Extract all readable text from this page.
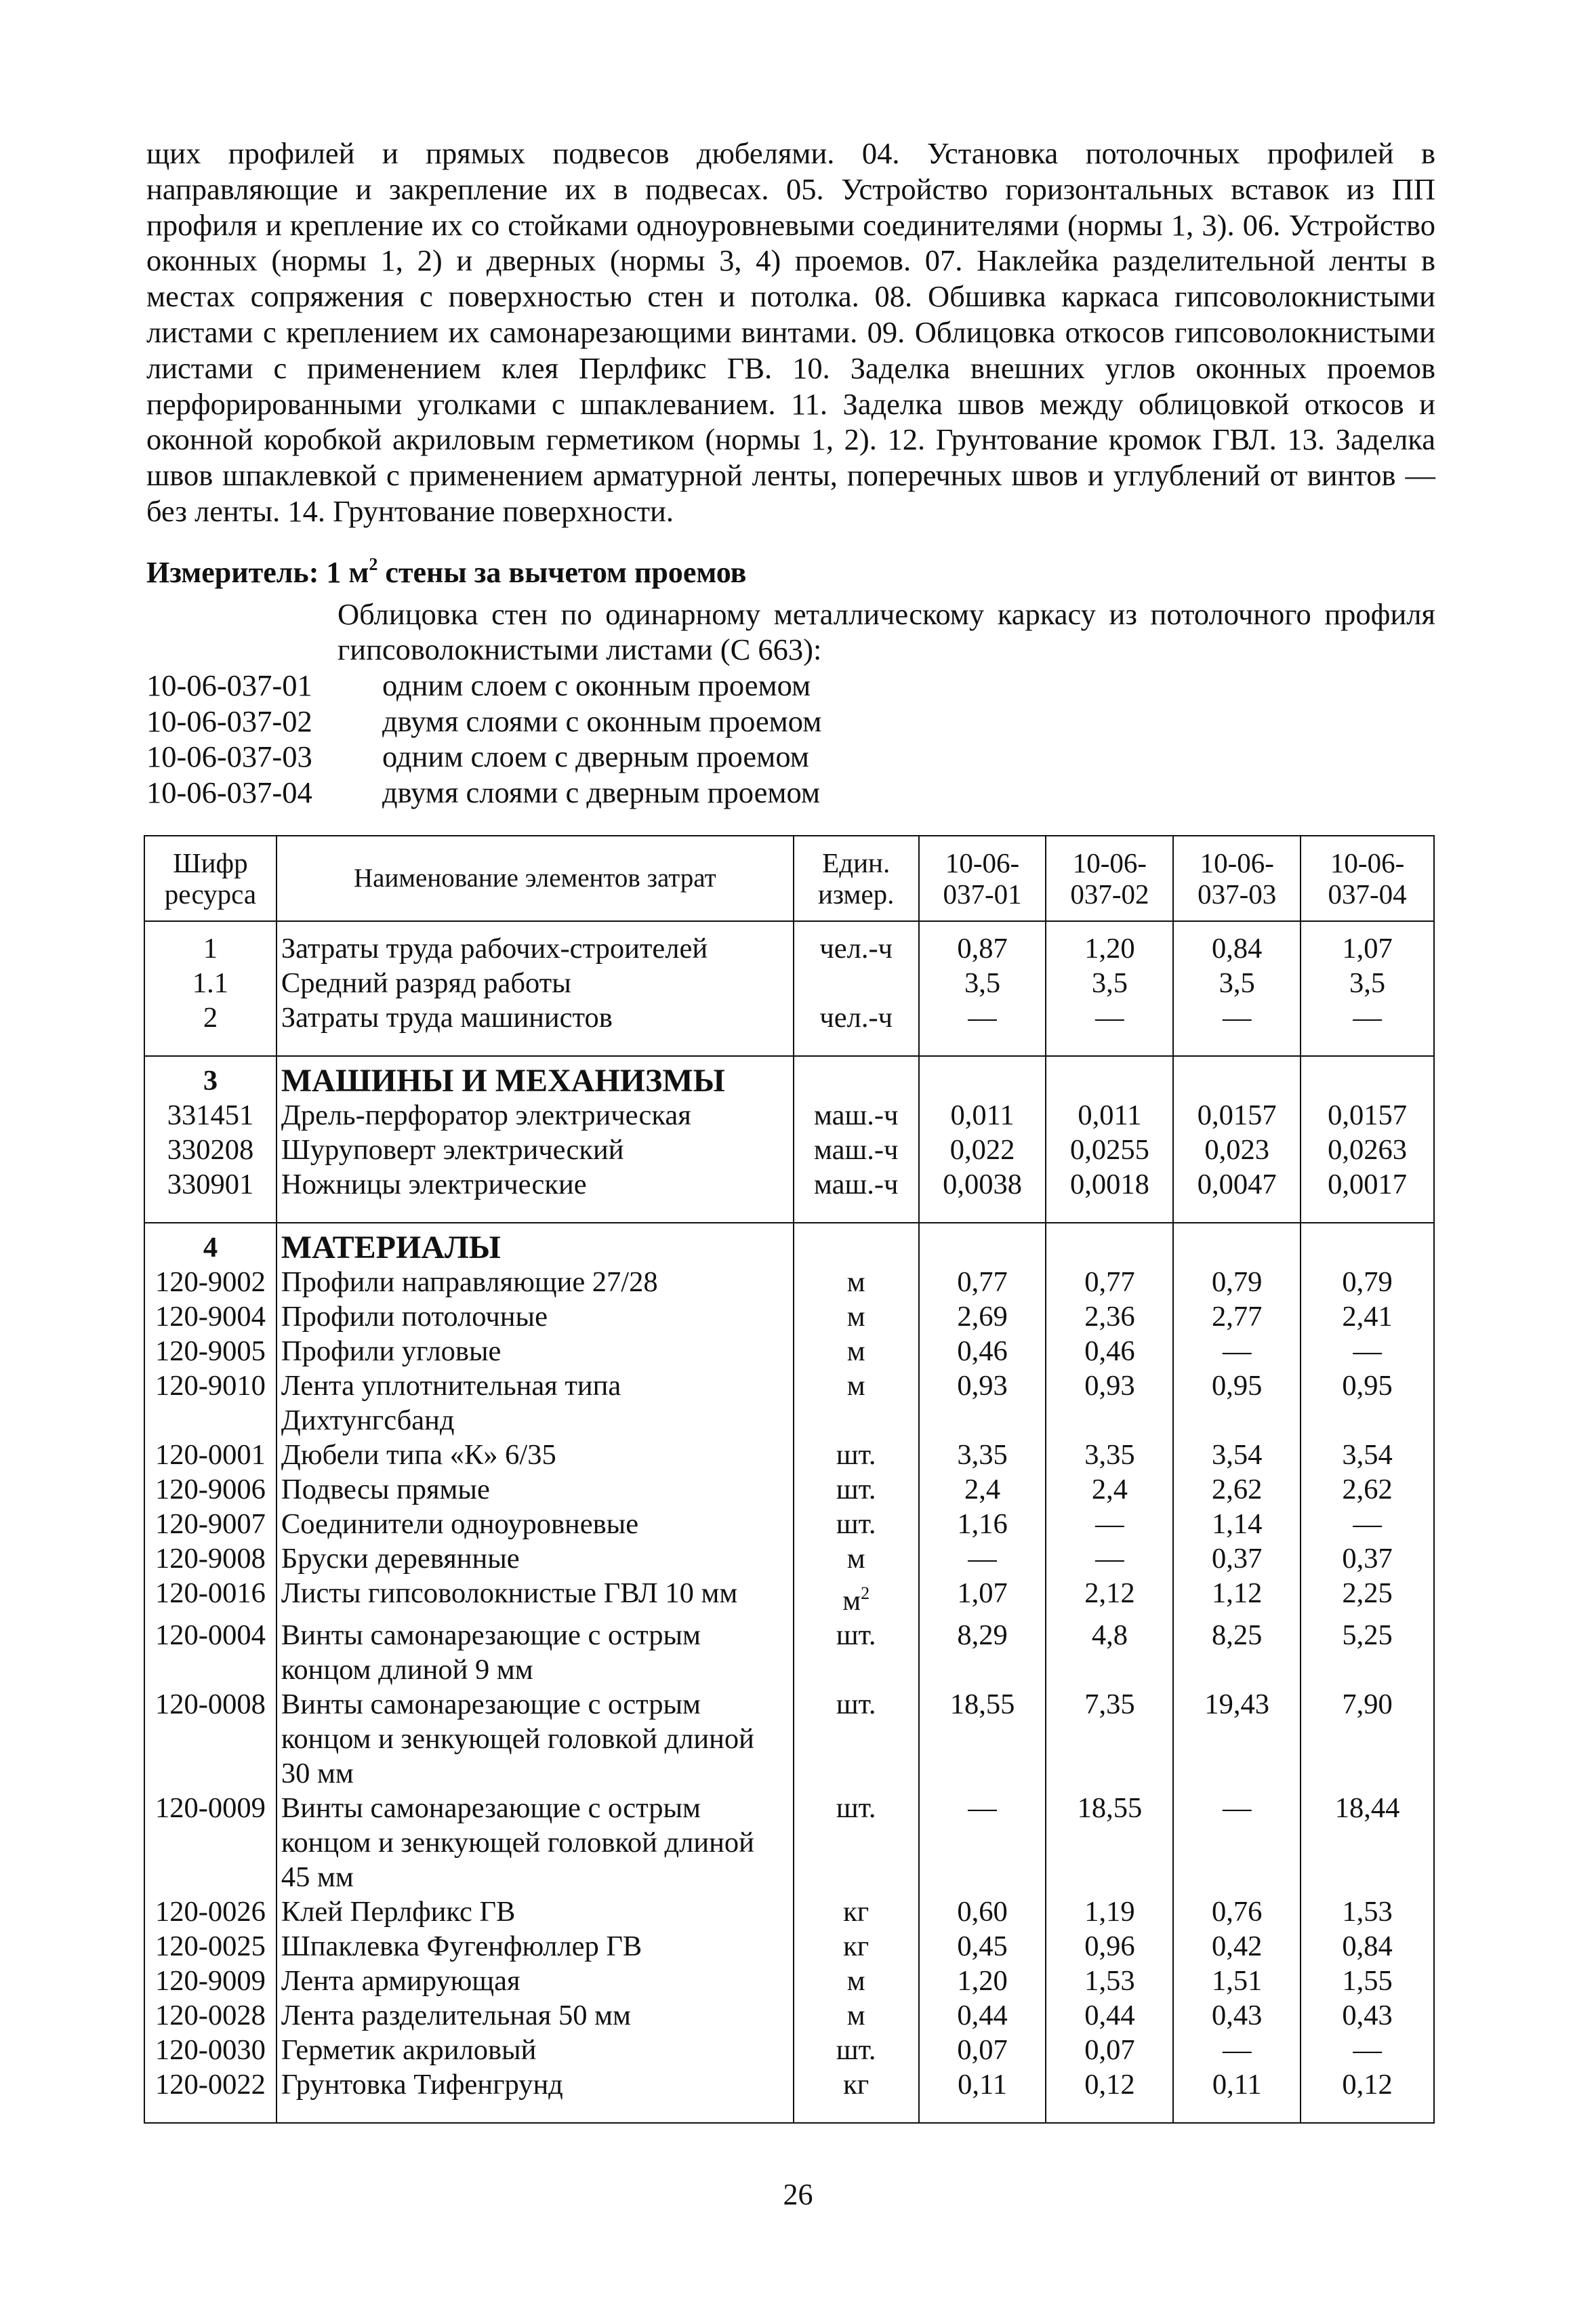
щих профилей и прямых подвесов дюбелями. 04. Установка потолочных профилей в направляющие и закрепление их в подвесах. 05. Устройство горизонтальных вставок из ПП профиля и крепление их со стойками одноуровневыми соединителями (нормы 1, 3). 06. Устройство оконных (нормы 1, 2) и дверных (нормы 3, 4) проемов. 07. Наклейка разделительной ленты в местах сопряжения с поверхностью стен и потолка. 08. Обшивка каркаса гипсоволокнистыми листами с креплением их самонарезающими винтами. 09. Облицовка откосов гипсоволокнистыми листами с применением клея Перлфикс ГВ. 10. Заделка внешних углов оконных проемов перфорированными уголками с шпаклеванием. 11. Заделка швов между облицовкой откосов и оконной коробкой акриловым герметиком (нормы 1, 2). 12. Грунтование кромок ГВЛ. 13. Заделка швов шпаклевкой с применением арматурной ленты, поперечных швов и углублений от винтов — без ленты. 14. Грунтование поверхности.
Измеритель: 1 $м^2$ стены за вычетом проемов
Облицовка стен по одинарному металлическому каркасу из потолочного профиля гипсоволокнистыми листами (С 663):
10-06-037-01	одним слоем с оконным проемом
10-06-037-02	двумя слоями с оконным проемом
10-06-037-03	одним слоем с дверным проемом
10-06-037-04	двумя слоями с дверным проемом
Шифр ресурса	Наименование элементов затрат	Един. измер.	10-06-037-01	10-06-037-02	10-06-037-03	10-06-037-04
1	Затраты труда рабочих-строителей	чел.-ч	0,87	1,20	0,84	1,07
1.1	Средний разряд работы		3,5	3,5	3,5	3,5
2	Затраты труда машинистов	чел.-ч	—	—	—	—
3	МАШИНЫ И МЕХАНИЗМЫ					
331451	Дрель-перфоратор электрическая	маш.-ч	0,011	0,011	0,0157	0,0157
330208	Шуруповерт электрический	маш.-ч	0,022	0,0255	0,023	0,0263
330901	Ножницы электрические	маш.-ч	0,0038	0,0018	0,0047	0,0017
4	МАТЕРИАЛЫ					
120-9002	Профили направляющие 27/28	м	0,77	0,77	0,79	0,79
120-9004	Профили потолочные	м	2,69	2,36	2,77	2,41
120-9005	Профили угловые	м	0,46	0,46	—	—
120-9010	Лента уплотнительная типа Дихтунгсбанд	м	0,93	0,93	0,95	0,95
120-0001	Дюбели типа «К» 6/35	шт.	3,35	3,35	3,54	3,54
120-9006	Подвесы прямые	шт.	2,4	2,4	2,62	2,62
120-9007	Соединители одноуровневые	шт.	1,16	—	1,14	—
120-9008	Бруски деревянные	м	—	—	0,37	0,37
120-0016	Листы гипсоволокнистые ГВЛ 10 мм	$м^2$	1,07	2,12	1,12	2,25
120-0004	Винты самонарезающие с острым концом длиной 9 мм	шт.	8,29	4,8	8,25	5,25
120-0008	Винты самонарезающие с острым концом и зенкующей головкой длиной 30 мм	шт.	18,55	7,35	19,43	7,90
120-0009	Винты самонарезающие с острым концом и зенкующей головкой длиной 45 мм	шт.	—	18,55	—	18,44
120-0026	Клей Перлфикс ГВ	кг	0,60	1,19	0,76	1,53
120-0025	Шпаклевка Фугенфюллер ГВ	кг	0,45	0,96	0,42	0,84
120-9009	Лента армирующая	м	1,20	1,53	1,51	1,55
120-0028	Лента разделительная 50 мм	м	0,44	0,44	0,43	0,43
120-0030	Герметик акриловый	шт.	0,07	0,07	—	—
120-0022	Грунтовка Тифенгрунд	кг	0,11	0,12	0,11	0,12
26
